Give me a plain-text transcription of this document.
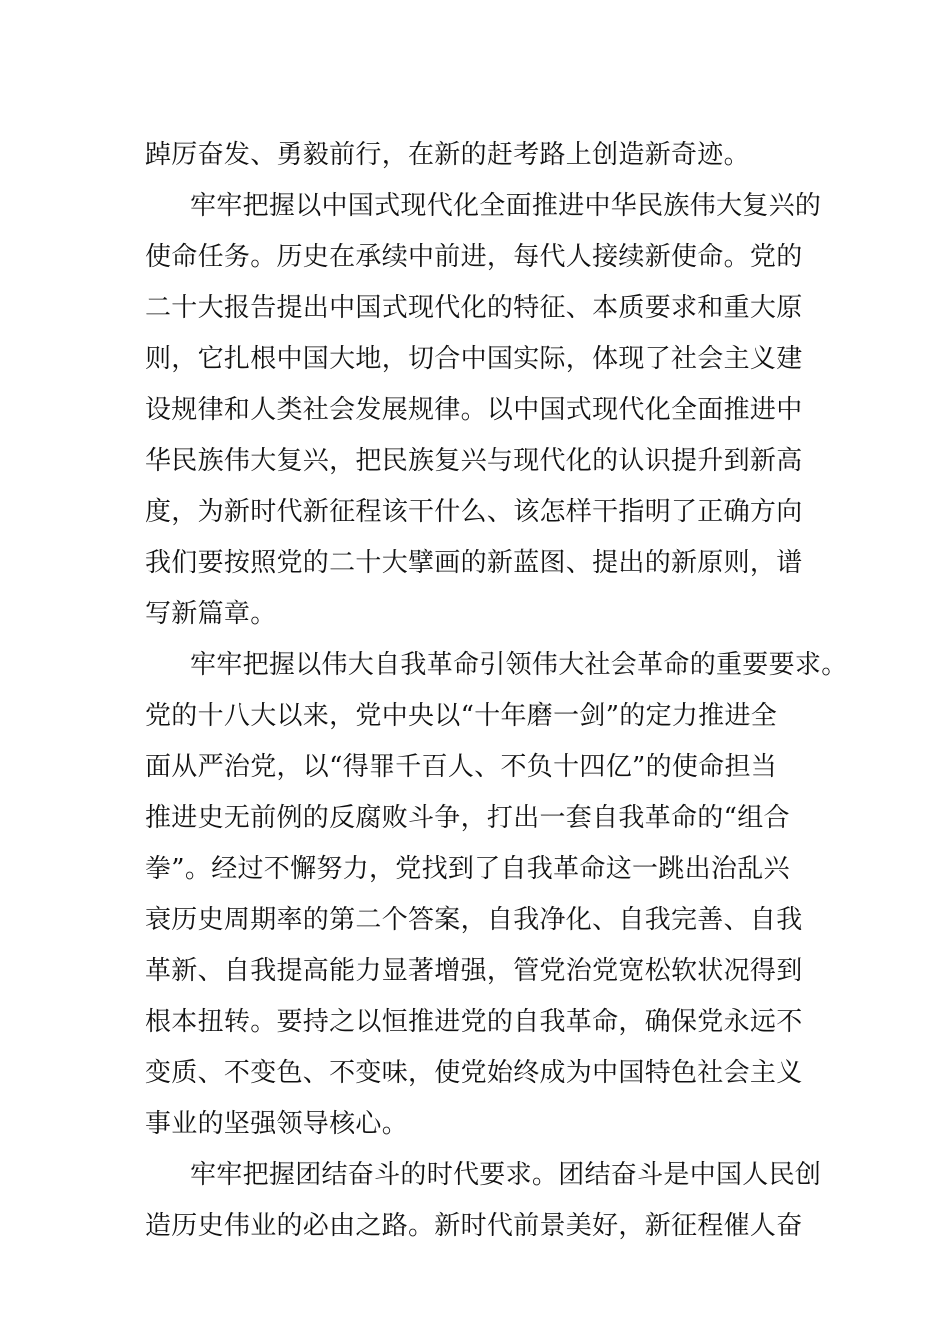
踔厉奋发、勇毅前行，在新的赶考路上创造新奇迹。
牢牢把握以中国式现代化全面推进中华民族伟大复兴的
使命任务。历史在承续中前进，每代人接续新使命。党的
二十大报告提出中国式现代化的特征、本质要求和重大原
则，它扎根中国大地，切合中国实际，体现了社会主义建
设规律和人类社会发展规律。以中国式现代化全面推进中
华民族伟大复兴，把民族复兴与现代化的认识提升到新高
度，为新时代新征程该干什么、该怎样干指明了正确方向
我们要按照党的二十大擘画的新蓝图、提出的新原则，谱
写新篇章。
牢牢把握以伟大自我革命引领伟大社会革命的重要要求。
党的十八大以来，党中央以“十年磨一剑”的定力推进全
面从严治党，以“得罪千百人、不负十四亿”的使命担当
推进史无前例的反腐败斗争，打出一套自我革命的“组合
拳”。经过不懈努力，党找到了自我革命这一跳出治乱兴
衰历史周期率的第二个答案，自我净化、自我完善、自我
革新、自我提高能力显著增强，管党治党宽松软状况得到
根本扭转。要持之以恒推进党的自我革命，确保党永远不
变质、不变色、不变味，使党始终成为中国特色社会主义
事业的坚强领导核心。
牢牢把握团结奋斗的时代要求。团结奋斗是中国人民创
造历史伟业的必由之路。新时代前景美好，新征程催人奋
